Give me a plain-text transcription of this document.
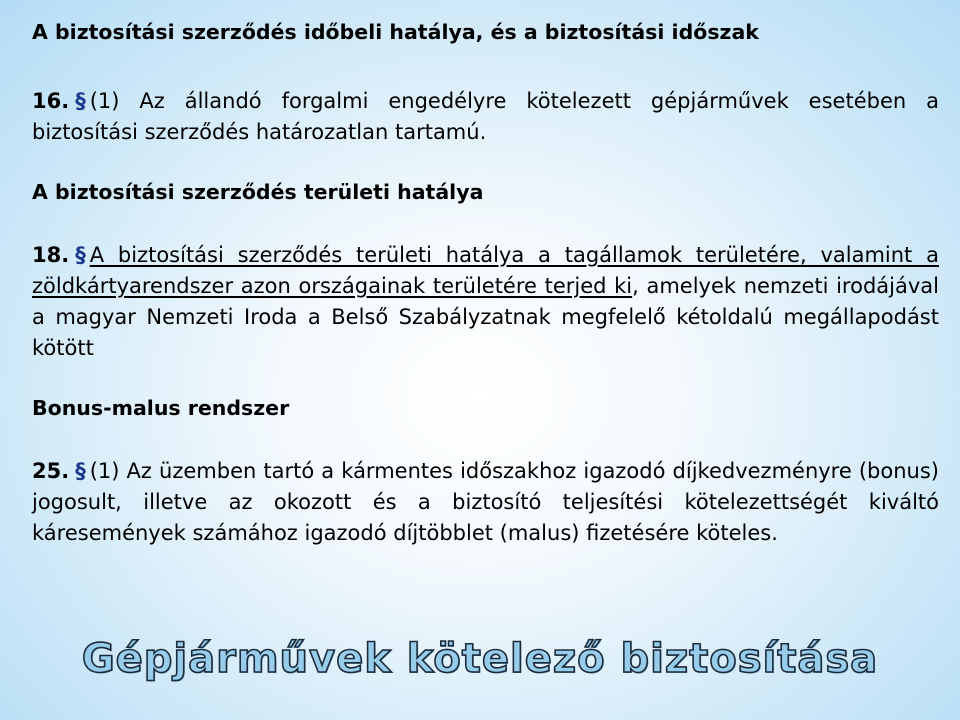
A biztosítási szerződés időbeli hatálya, és a biztosítási időszak

16. § (1) Az állandó forgalmi engedélyre kötelezett gépjárművek esetében a biztosítási szerződés határozatlan tartamú.

A biztosítási szerződés területi hatálya

18. § A biztosítási szerződés területi hatálya a tagállamok területére, valamint a zöldkártyarendszer azon országainak területére terjed ki, amelyek nemzeti irodájával a magyar Nemzeti Iroda a Belső Szabályzatnak megfelelő kétoldalú megállapodást kötött

Bonus-malus rendszer

25. § (1) Az üzemben tartó a kármentes időszakhoz igazodó díjkedvezményre (bonus) jogosult, illetve az okozott és a biztosító teljesítési kötelezettségét kiváltó káresemények számához igazodó díjtöbblet (malus) fizetésére köteles.

Gépjárművek kötelező biztosítása
